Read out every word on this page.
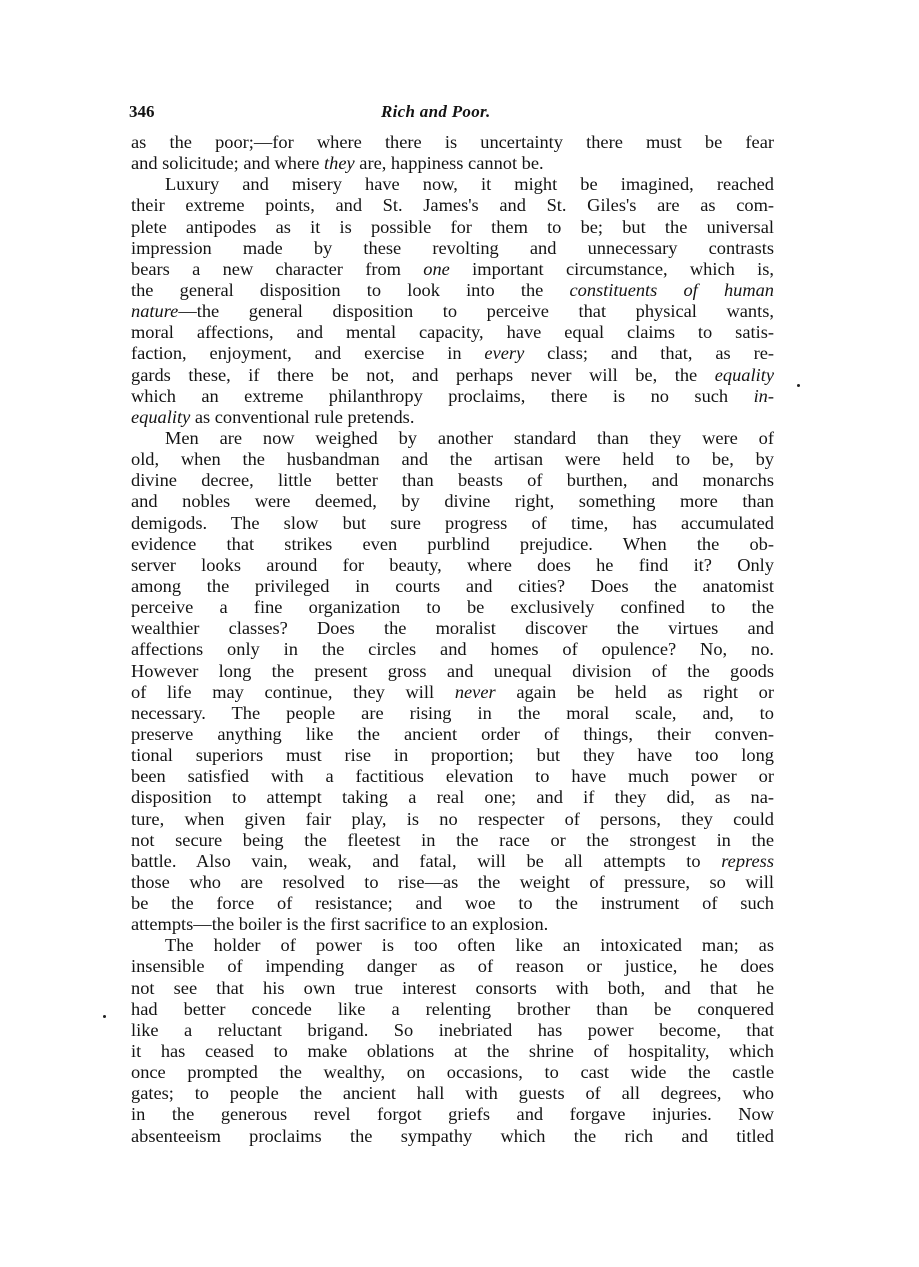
346	Rich and Poor.
as the poor;—for where there is uncertainty there must be fear
and solicitude; and where they are, happiness cannot be.
Luxury and misery have now, it might be imagined, reached
their extreme points, and St. James's and St. Giles's are as com-
plete antipodes as it is possible for them to be; but the universal
impression made by these revolting and unnecessary contrasts
bears a new character from one important circumstance, which is,
the general disposition to look into the constituents of human
nature—the general disposition to perceive that physical wants,
moral affections, and mental capacity, have equal claims to satis-
faction, enjoyment, and exercise in every class; and that, as re-
gards these, if there be not, and perhaps never will be, the equality
which an extreme philanthropy proclaims, there is no such in-
equality as conventional rule pretends.
Men are now weighed by another standard than they were of
old, when the husbandman and the artisan were held to be, by
divine decree, little better than beasts of burthen, and monarchs
and nobles were deemed, by divine right, something more than
demigods. The slow but sure progress of time, has accumulated
evidence that strikes even purblind prejudice. When the ob-
server looks around for beauty, where does he find it? Only
among the privileged in courts and cities? Does the anatomist
perceive a fine organization to be exclusively confined to the
wealthier classes? Does the moralist discover the virtues and
affections only in the circles and homes of opulence? No, no.
However long the present gross and unequal division of the goods
of life may continue, they will never again be held as right or
necessary. The people are rising in the moral scale, and, to
preserve anything like the ancient order of things, their conven-
tional superiors must rise in proportion; but they have too long
been satisfied with a factitious elevation to have much power or
disposition to attempt taking a real one; and if they did, as na-
ture, when given fair play, is no respecter of persons, they could
not secure being the fleetest in the race or the strongest in the
battle. Also vain, weak, and fatal, will be all attempts to repress
those who are resolved to rise—as the weight of pressure, so will
be the force of resistance; and woe to the instrument of such
attempts—the boiler is the first sacrifice to an explosion.
The holder of power is too often like an intoxicated man; as
insensible of impending danger as of reason or justice, he does
not see that his own true interest consorts with both, and that he
had better concede like a relenting brother than be conquered
like a reluctant brigand. So inebriated has power become, that
it has ceased to make oblations at the shrine of hospitality, which
once prompted the wealthy, on occasions, to cast wide the castle
gates; to people the ancient hall with guests of all degrees, who
in the generous revel forgot griefs and forgave injuries. Now
absenteeism proclaims the sympathy which the rich and titled
